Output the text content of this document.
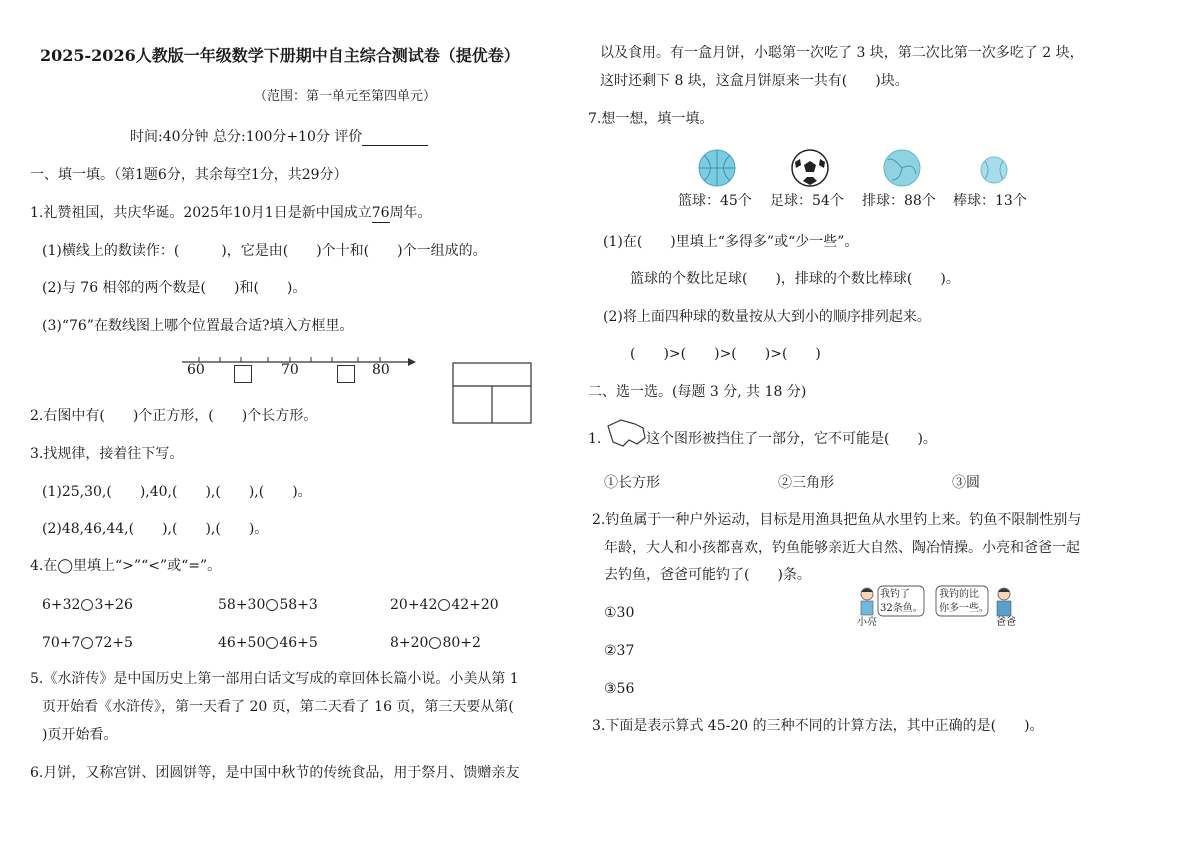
2025-2026人教版一年级数学下册期中自主综合测试卷（提优卷）
（范围：第一单元至第四单元）
时间:40分钟 总分:100分+10分 评价
一、填一填。（第1题6分，其余每空1分，共29分）
1.礼赞祖国，共庆华诞。2025年10月1日是新中国成立76周年。
(1)横线上的数读作：(　　　)，它是由(　　)个十和(　　)个一组成的。
(2)与 76 相邻的两个数是(　　)和(　　)。
(3)“76”在数线图上哪个位置最合适?填入方框里。
60	70	80
2.右图中有(　　)个正方形，(　　)个长方形。
3.找规律，接着往下写。
(1)25,30,(　　),40,(　　),(　　),(　　)。
(2)48,46,44,(　　),(　　),(　　)。
4.在◯里填上“>”“<”或“=”。
6+32 3+26	58+30 58+3	20+42 42+20
70+7 72+5	46+50 46+5	8+20 80+2
5.《水浒传》是中国历史上第一部用白话文写成的章回体长篇小说。小美从第 1
页开始看《水浒传》，第一天看了 20 页，第二天看了 16 页，第三天要从第(
)页开始看。
6.月饼，又称宫饼、团圆饼等，是中国中秋节的传统食品，用于祭月、馈赠亲友
以及食用。有一盒月饼，小聪第一次吃了 3 块，第二次比第一次多吃了 2 块，
这时还剩下 8 块，这盒月饼原来一共有(　　)块。
7.想一想，填一填。
篮球：45个 足球：54个 排球：88个 棒球：13个
(1)在(　　)里填上“多得多”或“少一些”。
篮球的个数比足球(　　)，排球的个数比棒球(　　)。
(2)将上面四种球的数量按从大到小的顺序排列起来。
(　　)>(　　)>(　　)>(　　)
二、选一选。(每题 3 分, 共 18 分)
1.	这个图形被挡住了一部分，它不可能是(　　)。
①长方形	②三角形	③圆
2.钓鱼属于一种户外运动，目标是用渔具把鱼从水里钓上来。钓鱼不限制性别与
年龄，大人和小孩都喜欢，钓鱼能够亲近大自然、陶冶情操。小亮和爸爸一起
去钓鱼，爸爸可能钓了(　　)条。
我钓了
32条鱼。
我钓的比
你多一些。
小亮	爸爸
①30
②37
③56
3.下面是表示算式 45-20 的三种不同的计算方法，其中正确的是(　　)。
